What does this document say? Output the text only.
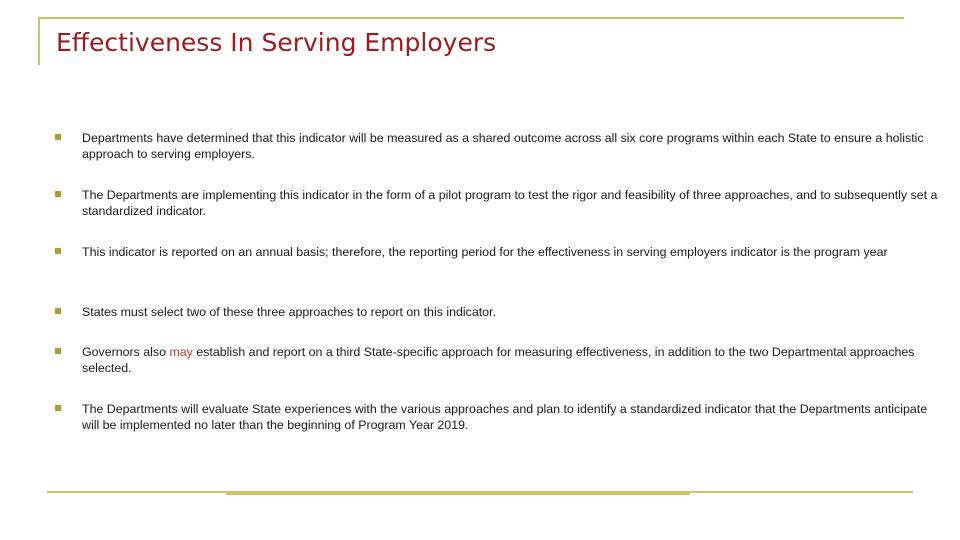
Effectiveness In Serving Employers
Departments have determined that this indicator will be measured as a shared outcome across all six core programs within each State to ensure a holistic approach to serving employers.
The Departments are implementing this indicator in the form of a pilot program to test the rigor and feasibility of three approaches, and to subsequently set a standardized indicator.
This indicator is reported on an annual basis; therefore, the reporting period for the effectiveness in serving employers indicator is the program year
States must select two of these three approaches to report on this indicator.
Governors also may establish and report on a third State-specific approach for measuring effectiveness, in addition to the two Departmental approaches selected.
The Departments will evaluate State experiences with the various approaches and plan to identify a standardized indicator that the Departments anticipate will be implemented no later than the beginning of Program Year 2019.
